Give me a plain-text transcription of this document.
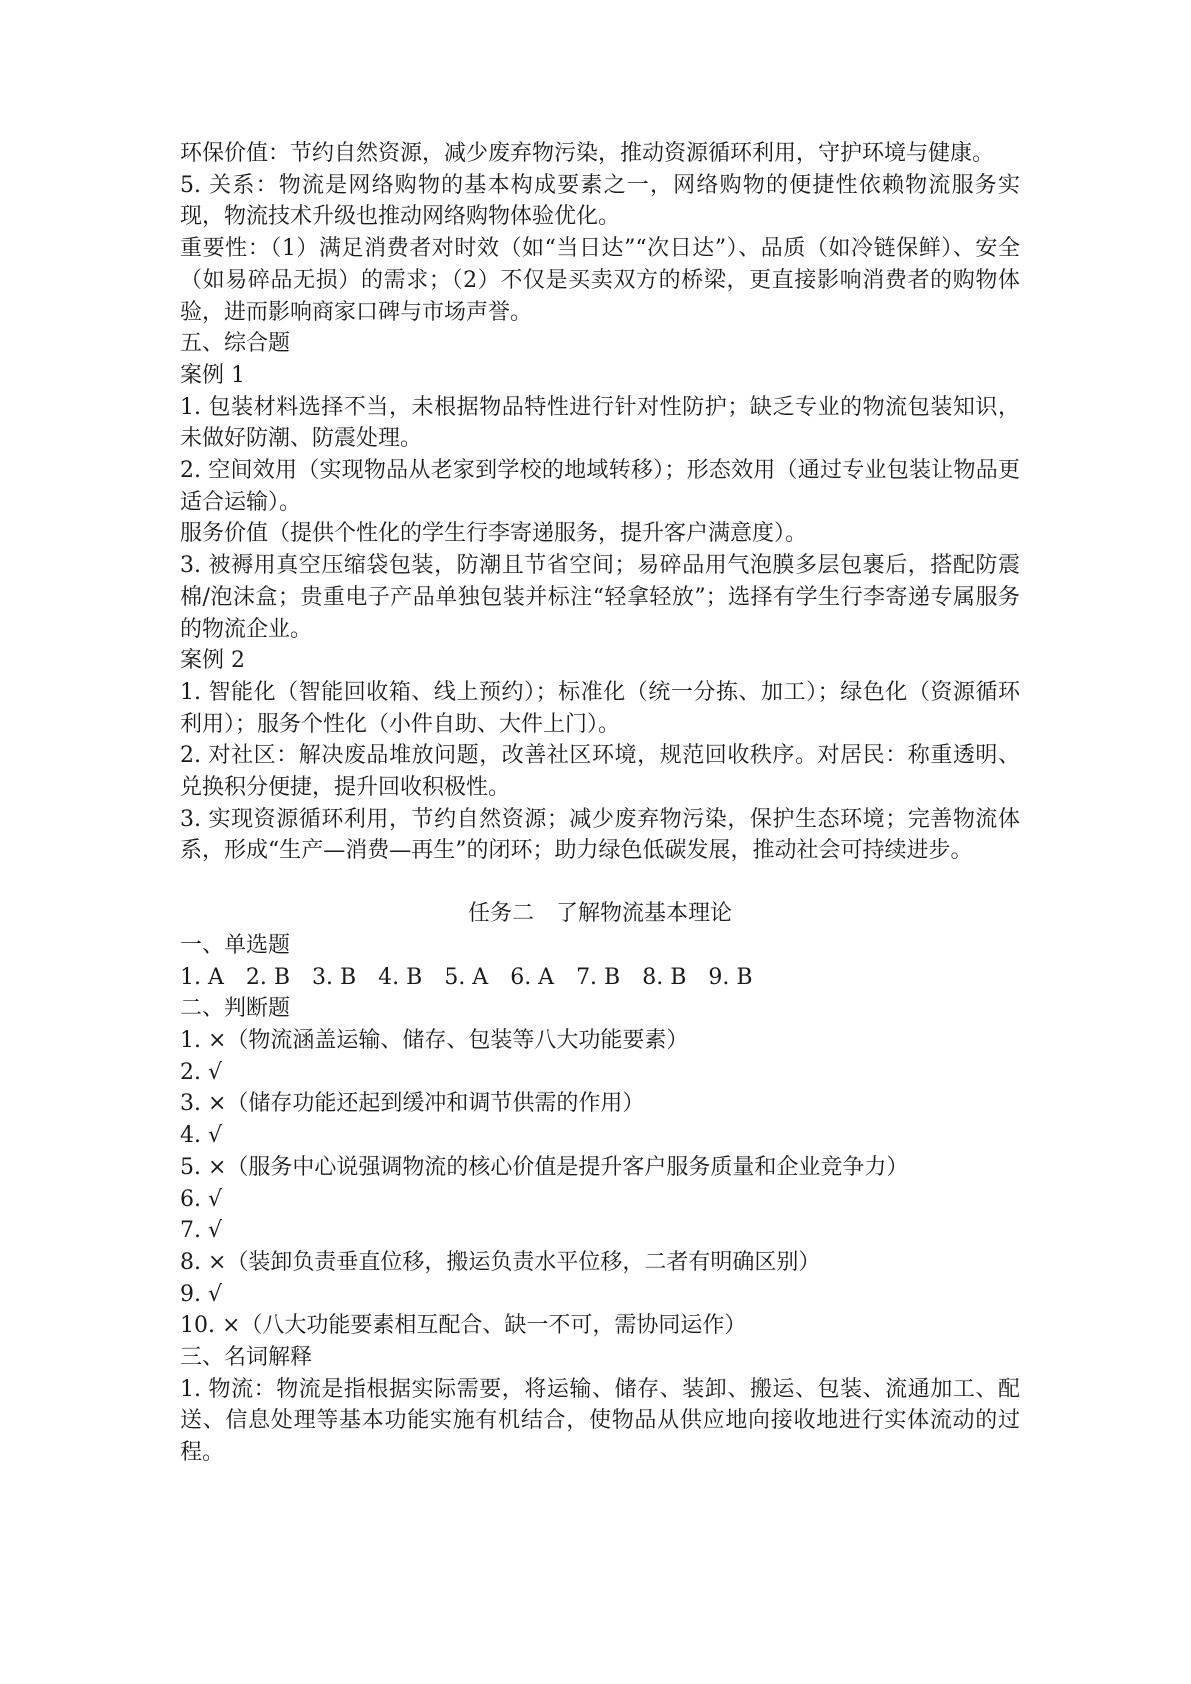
环保价值：节约自然资源，减少废弃物污染，推动资源循环利用，守护环境与健康。

5. 关系：物流是网络购物的基本构成要素之一，网络购物的便捷性依赖物流服务实现，物流技术升级也推动网络购物体验优化。

重要性：（1）满足消费者对时效（如“当日达”“次日达”）、品质（如冷链保鲜）、安全（如易碎品无损）的需求；（2）不仅是买卖双方的桥梁，更直接影响消费者的购物体验，进而影响商家口碑与市场声誉。

五、综合题

案例 1

1. 包装材料选择不当，未根据物品特性进行针对性防护；缺乏专业的物流包装知识，未做好防潮、防震处理。

2. 空间效用（实现物品从老家到学校的地域转移）；形态效用（通过专业包装让物品更适合运输）。

服务价值（提供个性化的学生行李寄递服务，提升客户满意度）。

3. 被褥用真空压缩袋包装，防潮且节省空间；易碎品用气泡膜多层包裹后，搭配防震棉/泡沫盒；贵重电子产品单独包装并标注“轻拿轻放”；选择有学生行李寄递专属服务的物流企业。

案例 2

1. 智能化（智能回收箱、线上预约）；标准化（统一分拣、加工）；绿色化（资源循环利用）；服务个性化（小件自助、大件上门）。

2. 对社区：解决废品堆放问题，改善社区环境，规范回收秩序。对居民：称重透明、兑换积分便捷，提升回收积极性。

3. 实现资源循环利用，节约自然资源；减少废弃物污染，保护生态环境；完善物流体系，形成“生产—消费—再生”的闭环；助力绿色低碳发展，推动社会可持续进步。

任务二　了解物流基本理论

一、单选题

1. A　2. B　3. B　4. B　5. A　6. A　7. B　8. B　9. B

二、判断题

1. ×（物流涵盖运输、储存、包装等八大功能要素）

2. √

3. ×（储存功能还起到缓冲和调节供需的作用）

4. √

5. ×（服务中心说强调物流的核心价值是提升客户服务质量和企业竞争力）

6. √

7. √

8. ×（装卸负责垂直位移，搬运负责水平位移，二者有明确区别）

9. √

10. ×（八大功能要素相互配合、缺一不可，需协同运作）

三、名词解释

1. 物流：物流是指根据实际需要，将运输、储存、装卸、搬运、包装、流通加工、配送、信息处理等基本功能实施有机结合，使物品从供应地向接收地进行实体流动的过程。
